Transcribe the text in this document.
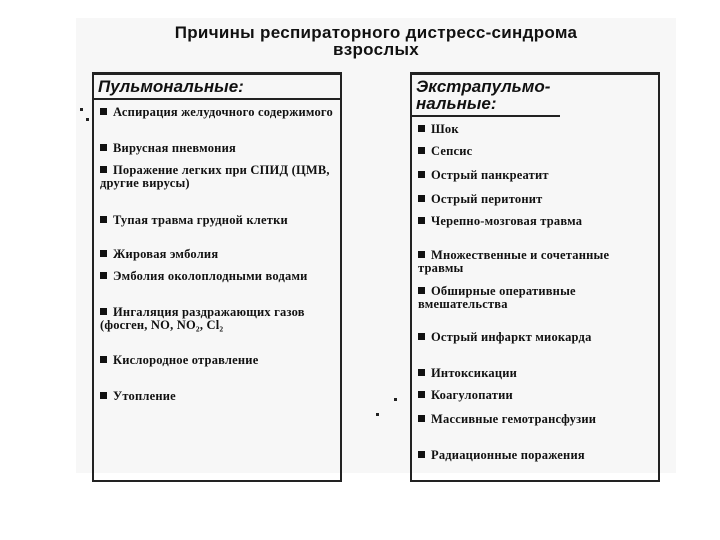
Причины респираторного дистресс-синдрома взрослых
Пульмональные:
Аспирация желудочного содержимого
Вирусная пневмония
Поражение легких при СПИД (ЦМВ, другие вирусы)
Тупая травма грудной клетки
Жировая эмболия
Эмболия околоплодными водами
Ингаляция раздражающих газов (фосген, NO, NO₂, Cl₂
Кислородное отравление
Утопление
Экстрапульмо-нальные:
Шок
Сепсис
Острый панкреатит
Острый перитонит
Черепно-мозговая травма
Множественные и сочетанные травмы
Обширные оперативные вмешательства
Острый инфаркт миокарда
Интоксикации
Коагулопатии
Массивные гемотрансфузии
Радиационные поражения
